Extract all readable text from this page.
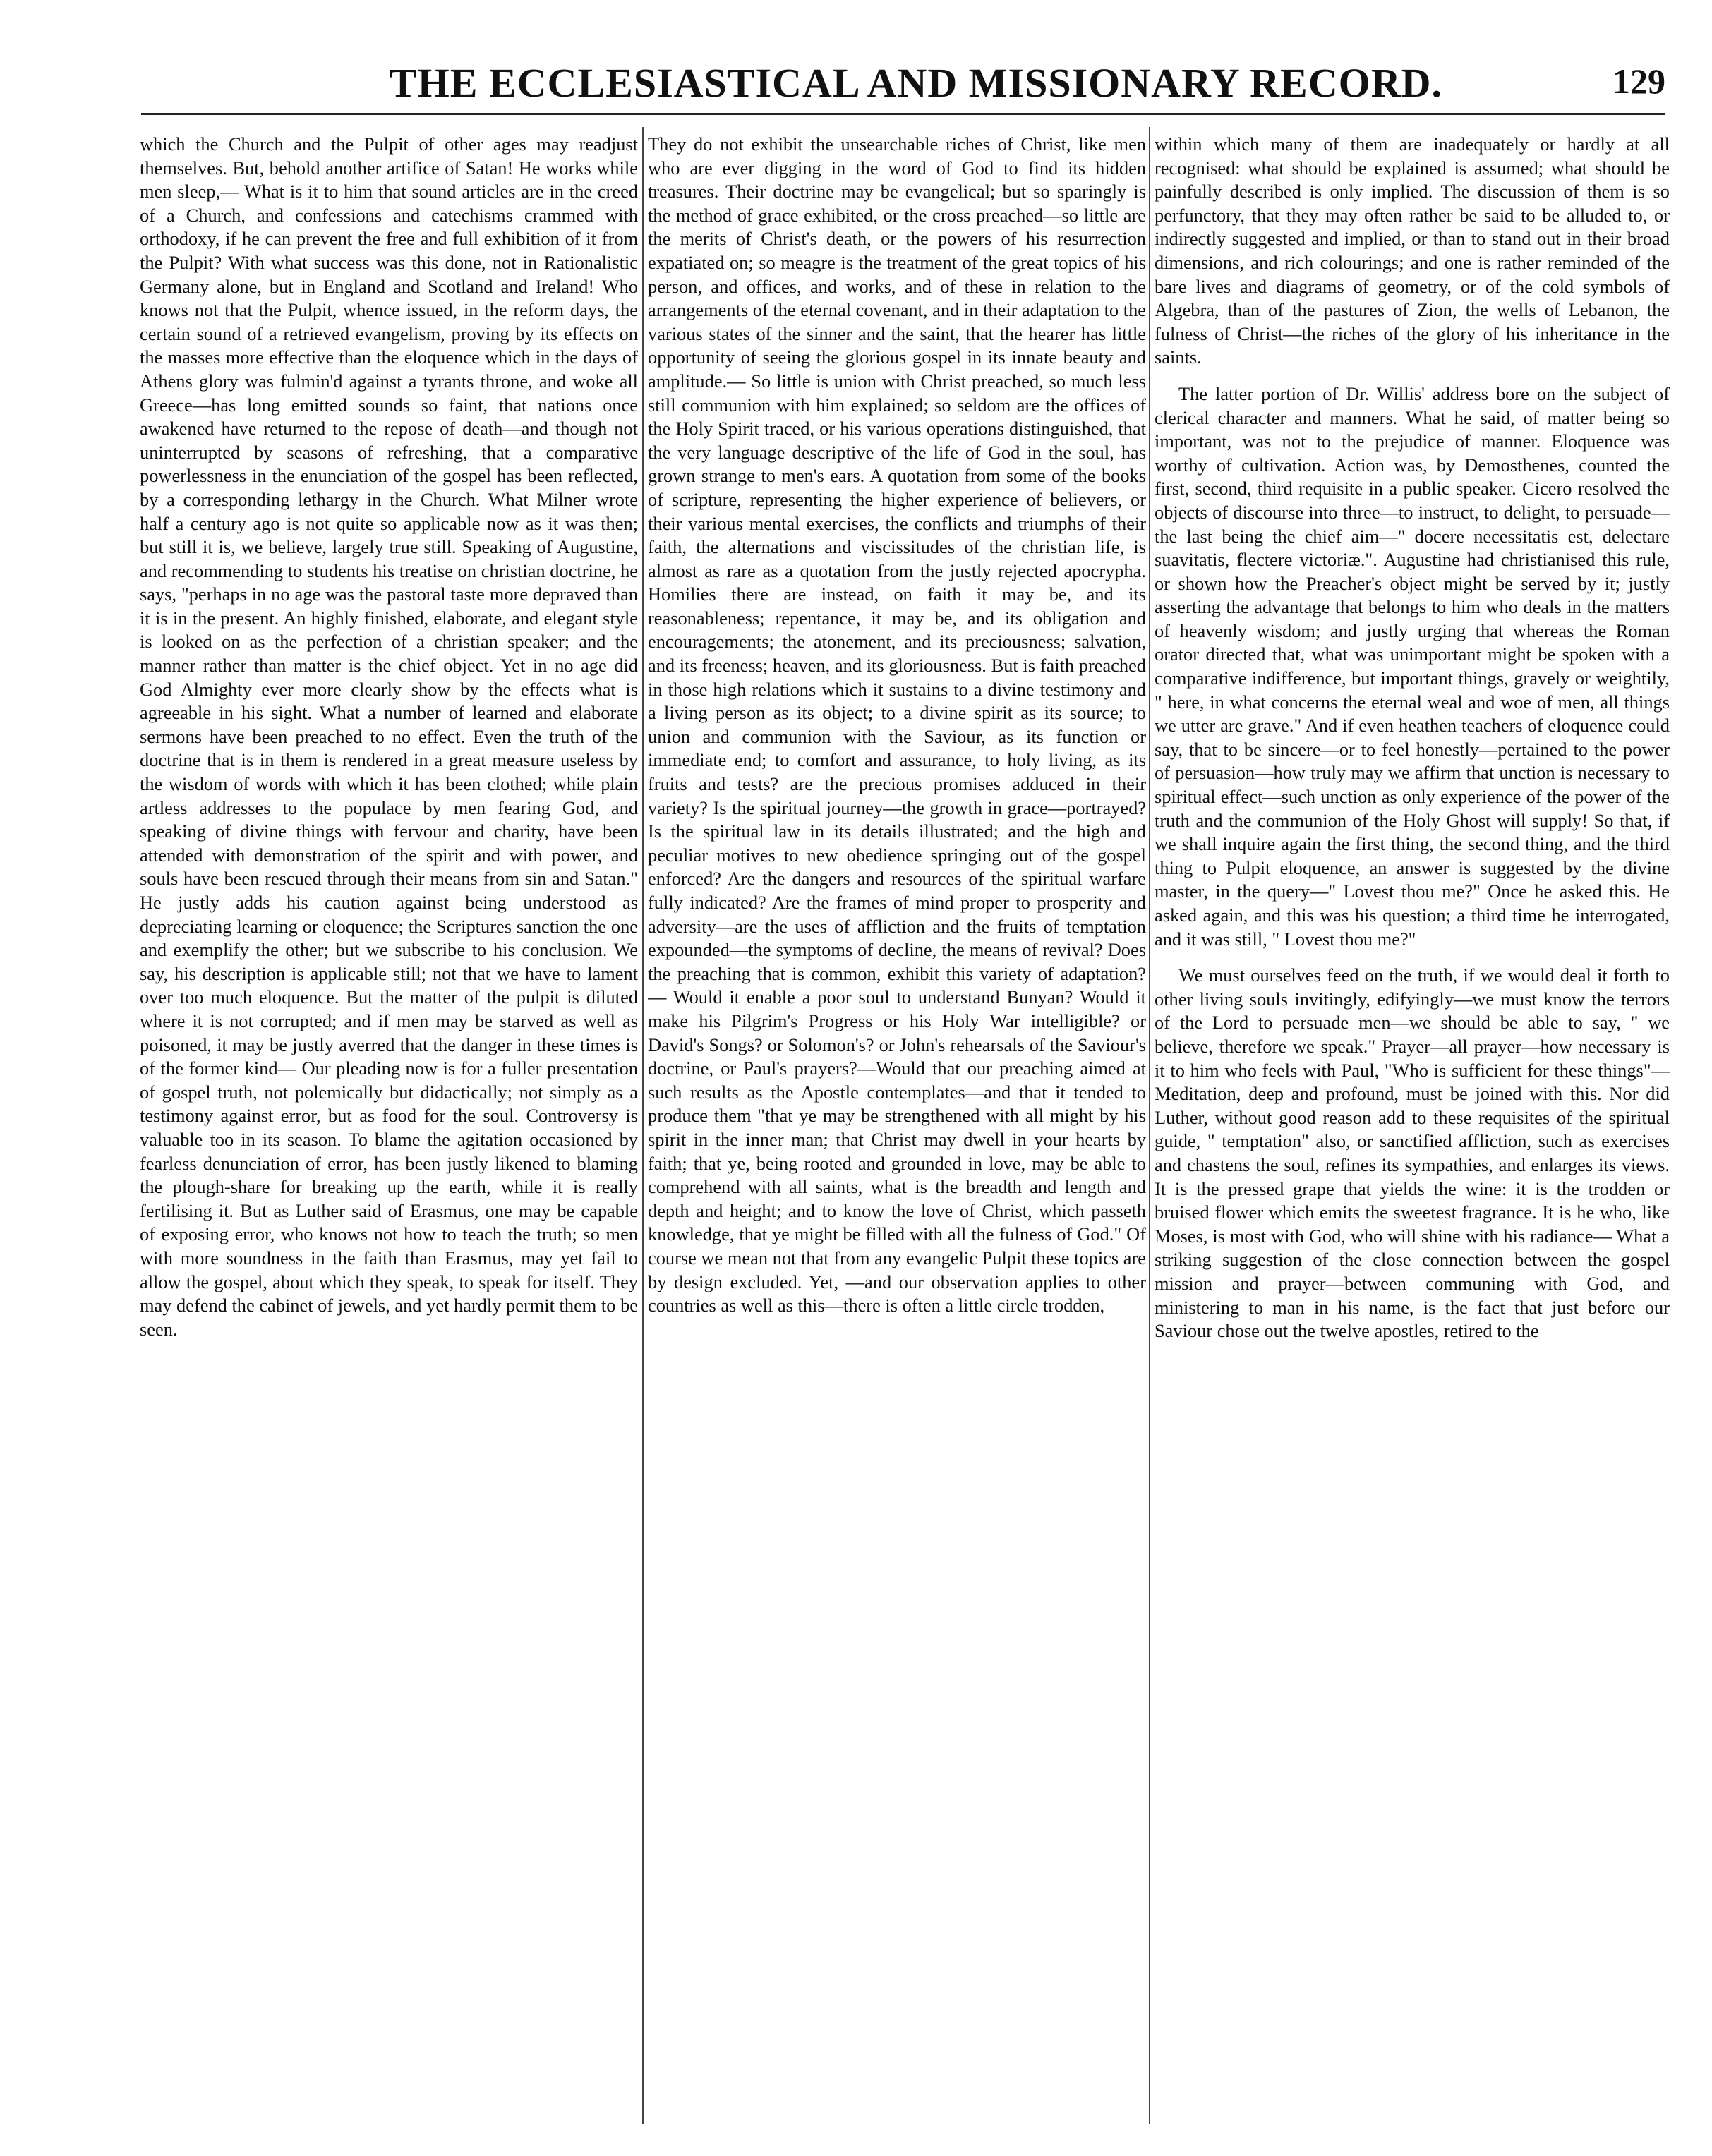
THE ECCLESIASTICAL AND MISSIONARY RECORD.	129

which the Church and the Pulpit of other ages may readjust themselves. But, behold another artifice of Satan! He works while men sleep,— What is it to him that sound articles are in the creed of a Church, and confessions and catechisms crammed with orthodoxy, if he can prevent the free and full exhibition of it from the Pulpit? With what success was this done, not in Rationalistic Germany alone, but in England and Scotland and Ireland! Who knows not that the Pulpit, whence issued, in the reform days, the certain sound of a retrieved evangelism, proving by its effects on the masses more effective than the eloquence which in the days of Athens glory was fulmin'd against a tyrants throne, and woke all Greece—has long emitted sounds so faint, that nations once awakened have returned to the repose of death—and though not uninterrupted by seasons of refreshing, that a comparative powerlessness in the enunciation of the gospel has been reflected, by a corresponding lethargy in the Church. What Milner wrote half a century ago is not quite so applicable now as it was then; but still it is, we believe, largely true still. Speaking of Augustine, and recommending to students his treatise on christian doctrine, he says, "perhaps in no age was the pastoral taste more depraved than it is in the present. An highly finished, elaborate, and elegant style is looked on as the perfection of a christian speaker; and the manner rather than matter is the chief object. Yet in no age did God Almighty ever more clearly show by the effects what is agreeable in his sight. What a number of learned and elaborate sermons have been preached to no effect. Even the truth of the doctrine that is in them is rendered in a great measure useless by the wisdom of words with which it has been clothed; while plain artless addresses to the populace by men fearing God, and speaking of divine things with fervour and charity, have been attended with demonstration of the spirit and with power, and souls have been rescued through their means from sin and Satan." He justly adds his caution against being understood as depreciating learning or eloquence; the Scriptures sanction the one and exemplify the other; but we subscribe to his conclusion. We say, his description is applicable still; not that we have to lament over too much eloquence. But the matter of the pulpit is diluted where it is not corrupted; and if men may be starved as well as poisoned, it may be justly averred that the danger in these times is of the former kind— Our pleading now is for a fuller presentation of gospel truth, not polemically but didactically; not simply as a testimony against error, but as food for the soul. Controversy is valuable too in its season. To blame the agitation occasioned by fearless denunciation of error, has been justly likened to blaming the plough-share for breaking up the earth, while it is really fertilising it. But as Luther said of Erasmus, one may be capable of exposing error, who knows not how to teach the truth; so men with more soundness in the faith than Erasmus, may yet fail to allow the gospel, about which they speak, to speak for itself. They may defend the cabinet of jewels, and yet hardly permit them to be seen.

They do not exhibit the unsearchable riches of Christ, like men who are ever digging in the word of God to find its hidden treasures. Their doctrine may be evangelical; but so sparingly is the method of grace exhibited, or the cross preached—so little are the merits of Christ's death, or the powers of his resurrection expatiated on; so meagre is the treatment of the great topics of his person, and offices, and works, and of these in relation to the arrangements of the eternal covenant, and in their adaptation to the various states of the sinner and the saint, that the hearer has little opportunity of seeing the glorious gospel in its innate beauty and amplitude.— So little is union with Christ preached, so much less still communion with him explained; so seldom are the offices of the Holy Spirit traced, or his various operations distinguished, that the very language descriptive of the life of God in the soul, has grown strange to men's ears. A quotation from some of the books of scripture, representing the higher experience of believers, or their various mental exercises, the conflicts and triumphs of their faith, the alternations and viscissitudes of the christian life, is almost as rare as a quotation from the justly rejected apocrypha. Homilies there are instead, on faith it may be, and its reasonableness; repentance, it may be, and its obligation and encouragements; the atonement, and its preciousness; salvation, and its freeness; heaven, and its gloriousness. But is faith preached in those high relations which it sustains to a divine testimony and a living person as its object; to a divine spirit as its source; to union and communion with the Saviour, as its function or immediate end; to comfort and assurance, to holy living, as its fruits and tests? are the precious promises adduced in their variety? Is the spiritual journey—the growth in grace—portrayed? Is the spiritual law in its details illustrated; and the high and peculiar motives to new obedience springing out of the gospel enforced? Are the dangers and resources of the spiritual warfare fully indicated? Are the frames of mind proper to prosperity and adversity—are the uses of affliction and the fruits of temptation expounded—the symptoms of decline, the means of revival? Does the preaching that is common, exhibit this variety of adaptation?— Would it enable a poor soul to understand Bunyan? Would it make his Pilgrim's Progress or his Holy War intelligible? or David's Songs? or Solomon's? or John's rehearsals of the Saviour's doctrine, or Paul's prayers?—Would that our preaching aimed at such results as the Apostle contemplates—and that it tended to produce them "that ye may be strengthened with all might by his spirit in the inner man; that Christ may dwell in your hearts by faith; that ye, being rooted and grounded in love, may be able to comprehend with all saints, what is the breadth and length and depth and height; and to know the love of Christ, which passeth knowledge, that ye might be filled with all the fulness of God." Of course we mean not that from any evangelic Pulpit these topics are by design excluded. Yet, —and our observation applies to other countries as well as this—there is often a little circle trodden,

within which many of them are inadequately or hardly at all recognised: what should be explained is assumed; what should be painfully described is only implied. The discussion of them is so perfunctory, that they may often rather be said to be alluded to, or indirectly suggested and implied, or than to stand out in their broad dimensions, and rich colourings; and one is rather reminded of the bare lives and diagrams of geometry, or of the cold symbols of Algebra, than of the pastures of Zion, the wells of Lebanon, the fulness of Christ—the riches of the glory of his inheritance in the saints.

The latter portion of Dr. Willis' address bore on the subject of clerical character and manners. What he said, of matter being so important, was not to the prejudice of manner. Eloquence was worthy of cultivation. Action was, by Demosthenes, counted the first, second, third requisite in a public speaker. Cicero resolved the objects of discourse into three—to instruct, to delight, to persuade—the last being the chief aim—" docere necessitatis est, delectare suavitatis, flectere victoriæ.". Augustine had christianised this rule, or shown how the Preacher's object might be served by it; justly asserting the advantage that belongs to him who deals in the matters of heavenly wisdom; and justly urging that whereas the Roman orator directed that, what was unimportant might be spoken with a comparative indifference, but important things, gravely or weightily, " here, in what concerns the eternal weal and woe of men, all things we utter are grave." And if even heathen teachers of eloquence could say, that to be sincere—or to feel honestly—pertained to the power of persuasion—how truly may we affirm that unction is necessary to spiritual effect—such unction as only experience of the power of the truth and the communion of the Holy Ghost will supply! So that, if we shall inquire again the first thing, the second thing, and the third thing to Pulpit eloquence, an answer is suggested by the divine master, in the query—" Lovest thou me?" Once he asked this. He asked again, and this was his question; a third time he interrogated, and it was still, " Lovest thou me?"

We must ourselves feed on the truth, if we would deal it forth to other living souls invitingly, edifyingly—we must know the terrors of the Lord to persuade men—we should be able to say, " we believe, therefore we speak." Prayer—all prayer—how necessary is it to him who feels with Paul, "Who is sufficient for these things"— Meditation, deep and profound, must be joined with this. Nor did Luther, without good reason add to these requisites of the spiritual guide, " temptation" also, or sanctified affliction, such as exercises and chastens the soul, refines its sympathies, and enlarges its views. It is the pressed grape that yields the wine: it is the trodden or bruised flower which emits the sweetest fragrance. It is he who, like Moses, is most with God, who will shine with his radiance— What a striking suggestion of the close connection between the gospel mission and prayer—between communing with God, and ministering to man in his name, is the fact that just before our Saviour chose out the twelve apostles, retired to the
